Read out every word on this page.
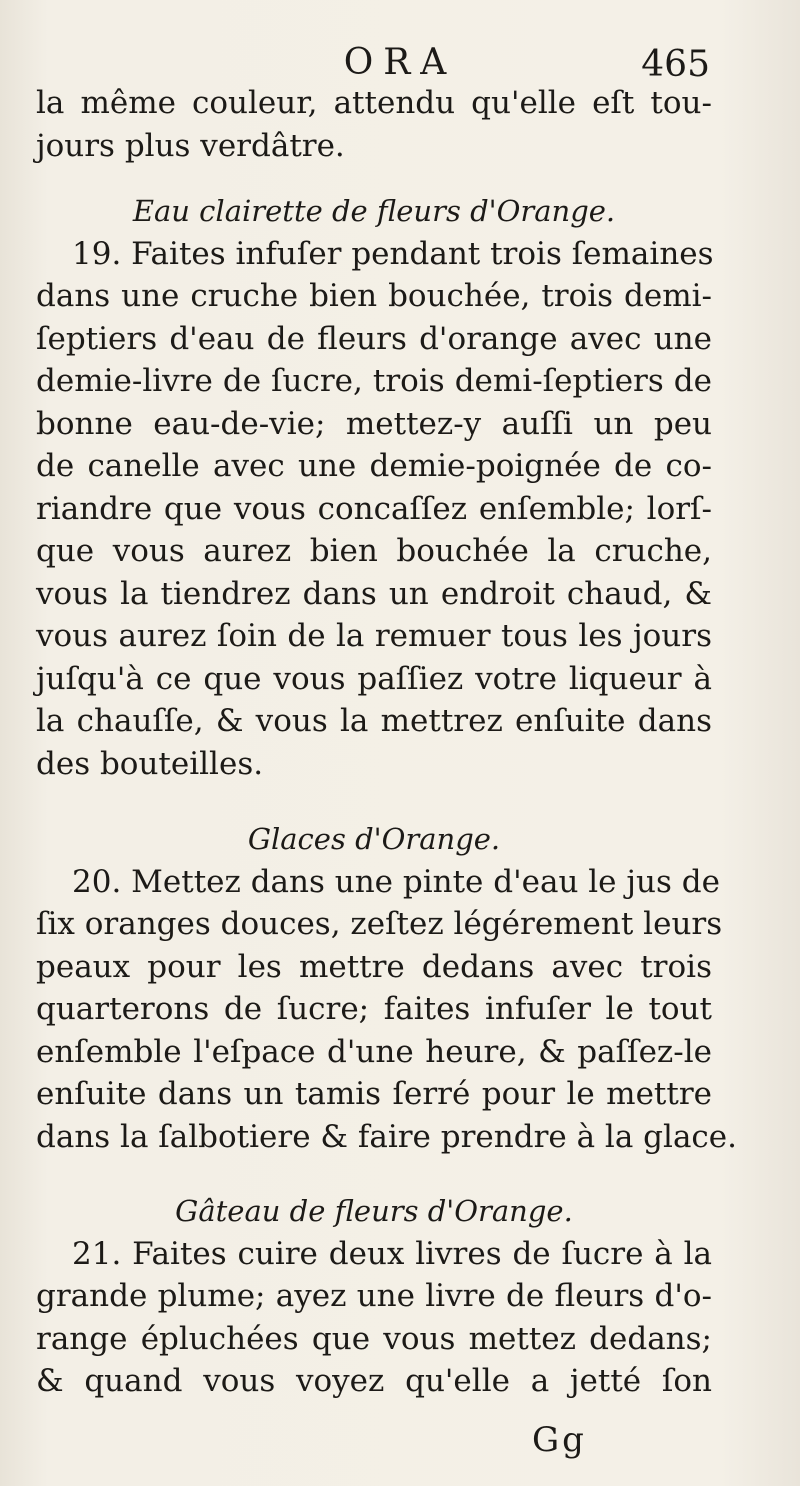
ORA	465
la même couleur, attendu qu'elle eſt tou-
jours plus verdâtre.
Eau clairette de fleurs d'Orange.
19. Faites infuſer pendant trois ſemaines
dans une cruche bien bouchée, trois demi-
ſeptiers d'eau de fleurs d'orange avec une
demie-livre de ſucre, trois demi-ſeptiers de
bonne eau-de-vie; mettez-y auſſi un peu
de canelle avec une demie-poignée de co-
riandre que vous concaſſez enſemble; lorſ-
que vous aurez bien bouchée la cruche,
vous la tiendrez dans un endroit chaud, &
vous aurez ſoin de la remuer tous les jours
juſqu'à ce que vous paſſiez votre liqueur à
la chauſſe, & vous la mettrez enſuite dans
des bouteilles.
Glaces d'Orange.
20. Mettez dans une pinte d'eau le jus de
ſix oranges douces, zeſtez légérement leurs
peaux pour les mettre dedans avec trois
quarterons de ſucre; faites infuſer le tout
enſemble l'eſpace d'une heure, & paſſez-le
enſuite dans un tamis ſerré pour le mettre
dans la ſalbotiere & faire prendre à la glace.
Gâteau de fleurs d'Orange.
21. Faites cuire deux livres de ſucre à la
grande plume; ayez une livre de fleurs d'o-
range épluchées que vous mettez dedans;
& quand vous voyez qu'elle a jetté ſon
Gg
